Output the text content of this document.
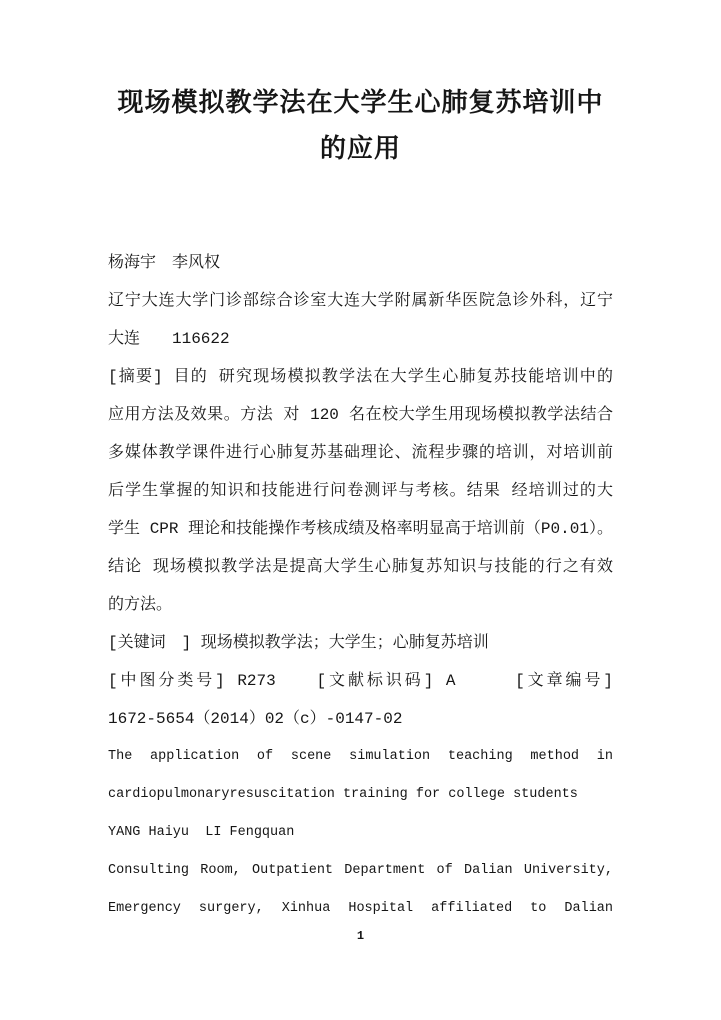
现场模拟教学法在大学生心肺复苏培训中
的应用
杨海宇　李风权
辽宁大连大学门诊部综合诊室大连大学附属新华医院急诊外科，辽宁
大连　　116622
[摘要] 目的 研究现场模拟教学法在大学生心肺复苏技能培训中的
应用方法及效果。方法 对 120 名在校大学生用现场模拟教学法结合
多媒体教学课件进行心肺复苏基础理论、流程步骤的培训，对培训前
后学生掌握的知识和技能进行问卷测评与考核。结果 经培训过的大
学生 CPR 理论和技能操作考核成绩及格率明显高于培训前（P0.01）。
结论 现场模拟教学法是提高大学生心肺复苏知识与技能的行之有效
的方法。
[关键词　] 现场模拟教学法；大学生；心肺复苏培训
[中图分类号] R273　　[文献标识码] A　　　[文章编号]
1672-5654（2014）02（c）-0147-02
The application of scene simulation teaching method in
cardiopulmonaryresuscitation training for college students
YANG Haiyu  LI Fengquan
Consulting Room, Outpatient Department of Dalian University,
Emergency surgery, Xinhua Hospital affiliated to Dalian
1
